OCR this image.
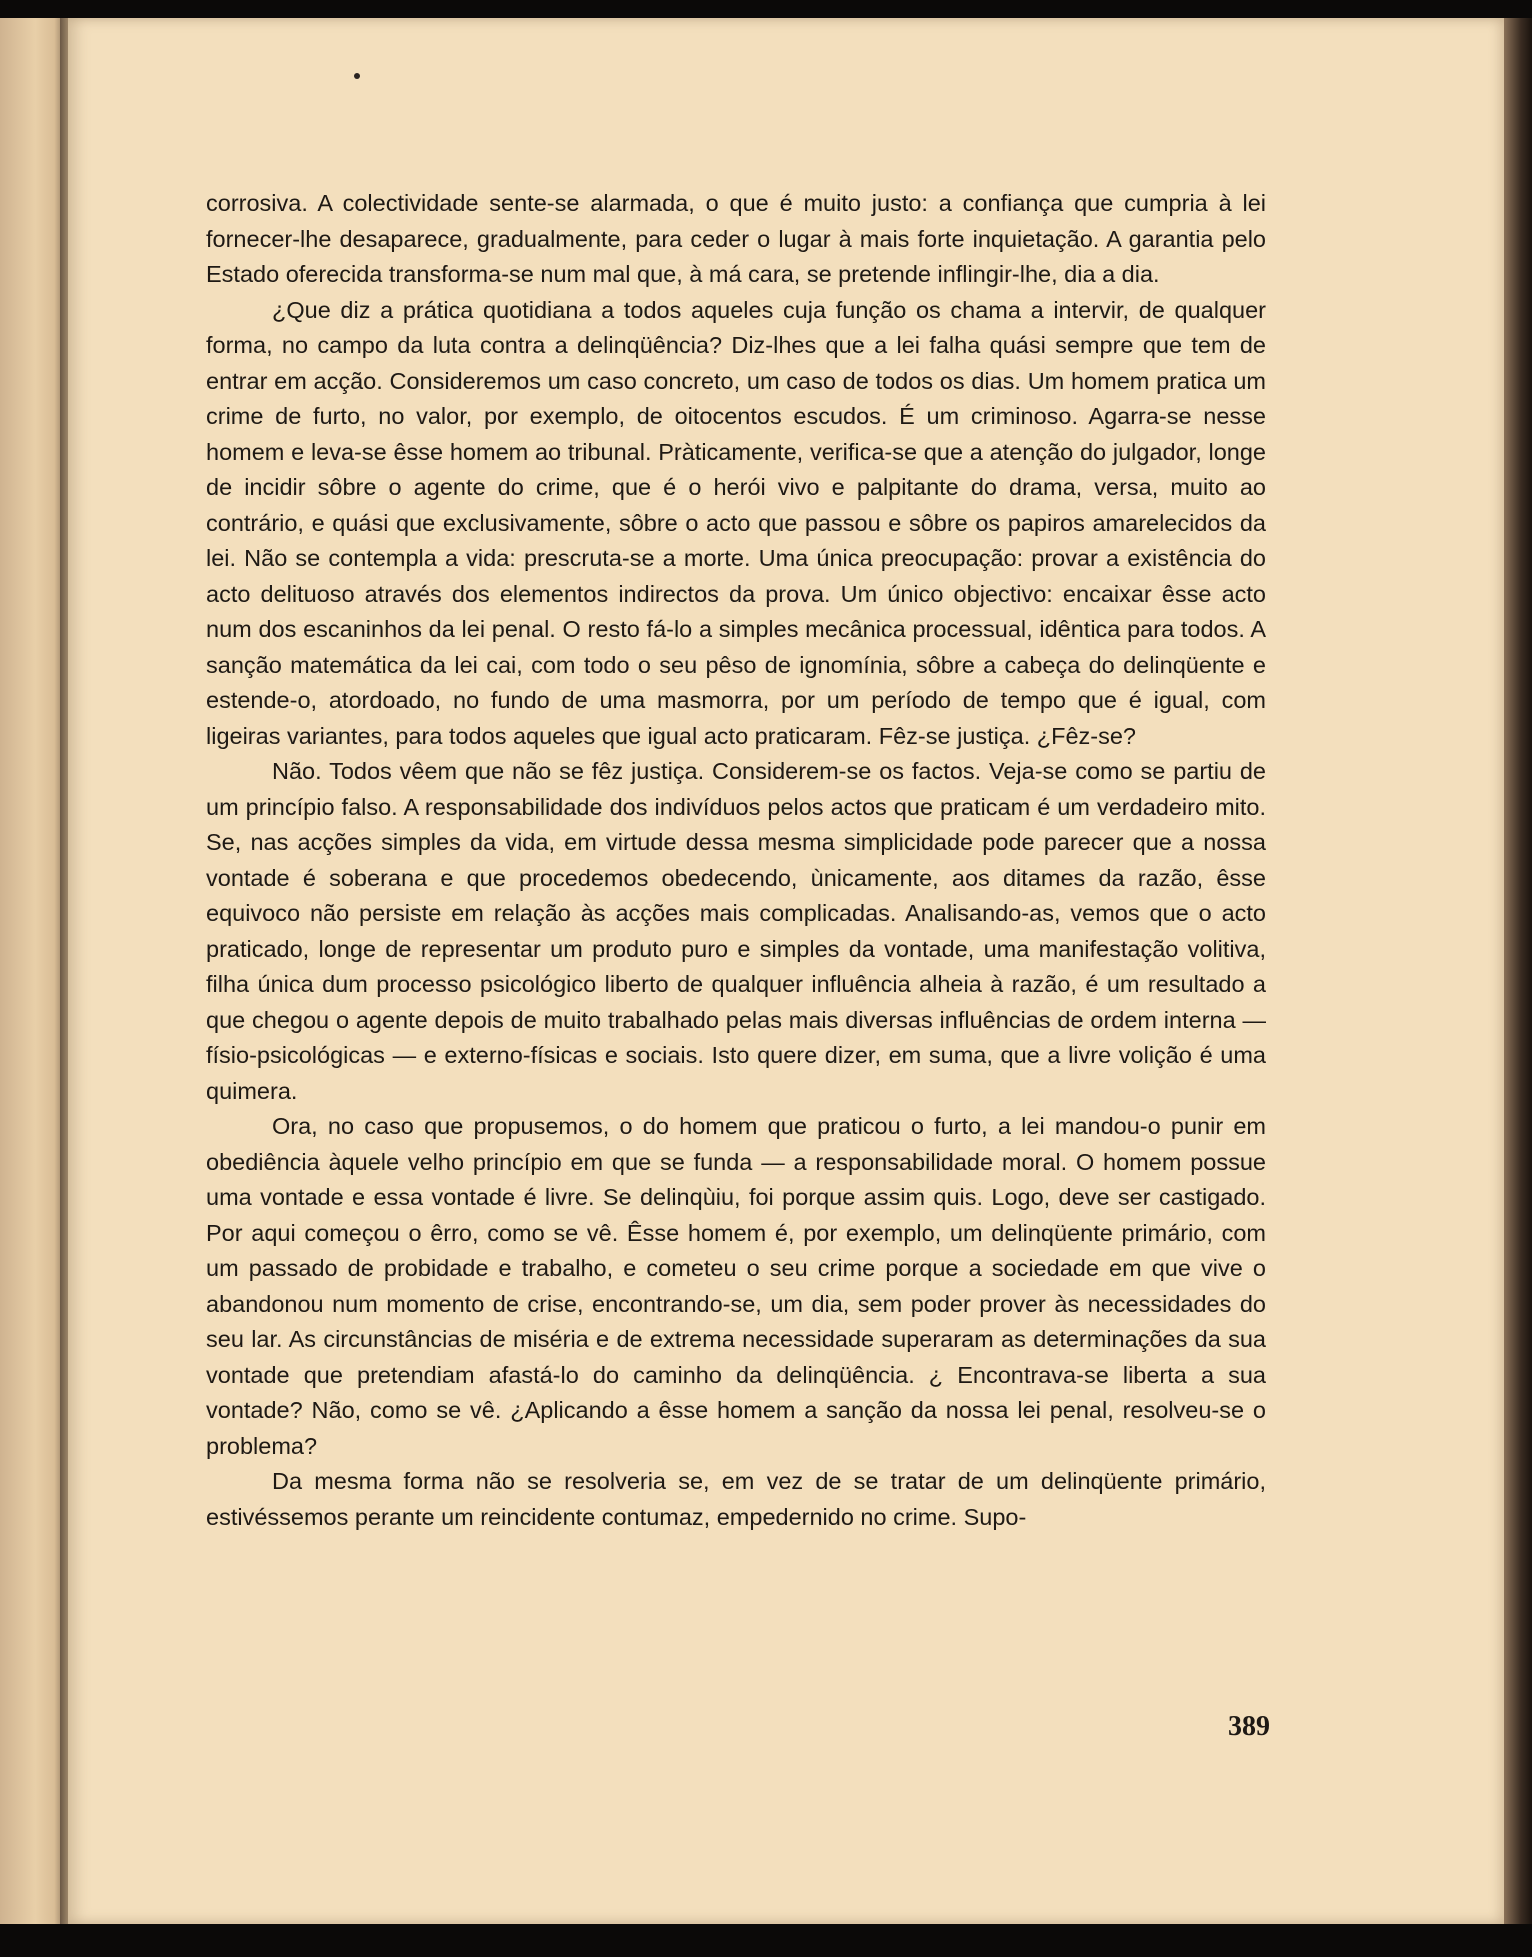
corrosiva. A colectividade sente-se alarmada, o que é muito justo: a confiança que cumpria à lei fornecer-lhe desaparece, gradualmente, para ceder o lugar à mais forte inquietação. A garantia pelo Estado oferecida transforma-se num mal que, à má cara, se pretende inflingir-lhe, dia a dia.

¿Que diz a prática quotidiana a todos aqueles cuja função os chama a intervir, de qualquer forma, no campo da luta contra a delinqüência? Diz-lhes que a lei falha quási sempre que tem de entrar em acção. Consideremos um caso concreto, um caso de todos os dias. Um homem pratica um crime de furto, no valor, por exemplo, de oitocentos escudos. É um criminoso. Agarra-se nesse homem e leva-se êsse homem ao tribunal. Pràticamente, verifica-se que a atenção do julgador, longe de incidir sôbre o agente do crime, que é o herói vivo e palpitante do drama, versa, muito ao contrário, e quási que exclusivamente, sôbre o acto que passou e sôbre os papiros amarelecidos da lei. Não se contempla a vida: prescruta-se a morte. Uma única preocupação: provar a existência do acto delituoso através dos elementos indirectos da prova. Um único objectivo: encaixar êsse acto num dos escaninhos da lei penal. O resto fá-lo a simples mecânica processual, idêntica para todos. A sanção matemática da lei cai, com todo o seu pêso de ignomínia, sôbre a cabeça do delinqüente e estende-o, atordoado, no fundo de uma masmorra, por um período de tempo que é igual, com ligeiras variantes, para todos aqueles que igual acto praticaram. Fêz-se justiça. ¿Fêz-se?

Não. Todos vêem que não se fêz justiça. Considerem-se os factos. Veja-se como se partiu de um princípio falso. A responsabilidade dos indivíduos pelos actos que praticam é um verdadeiro mito. Se, nas acções simples da vida, em virtude dessa mesma simplicidade pode parecer que a nossa vontade é soberana e que procedemos obedecendo, ùnicamente, aos ditames da razão, êsse equivoco não persiste em relação às acções mais complicadas. Analisando-as, vemos que o acto praticado, longe de representar um produto puro e simples da vontade, uma manifestação volitiva, filha única dum processo psicológico liberto de qualquer influência alheia à razão, é um resultado a que chegou o agente depois de muito trabalhado pelas mais diversas influências de ordem interna — físio-psicológicas — e externo-físicas e sociais. Isto quere dizer, em suma, que a livre volição é uma quimera.

Ora, no caso que propusemos, o do homem que praticou o furto, a lei mandou-o punir em obediência àquele velho princípio em que se funda — a responsabilidade moral. O homem possue uma vontade e essa vontade é livre. Se delinqùiu, foi porque assim quis. Logo, deve ser castigado. Por aqui começou o êrro, como se vê. Êsse homem é, por exemplo, um delinqüente primário, com um passado de probidade e trabalho, e cometeu o seu crime porque a sociedade em que vive o abandonou num momento de crise, encontrando-se, um dia, sem poder prover às necessidades do seu lar. As circunstâncias de miséria e de extrema necessidade superaram as determinações da sua vontade que pretendiam afastá-lo do caminho da delinqüência. ¿ Encontrava-se liberta a sua vontade? Não, como se vê. ¿Aplicando a êsse homem a sanção da nossa lei penal, resolveu-se o problema?

Da mesma forma não se resolveria se, em vez de se tratar de um delinqüente primário, estivéssemos perante um reincidente contumaz, empedernido no crime. Supo-

389
